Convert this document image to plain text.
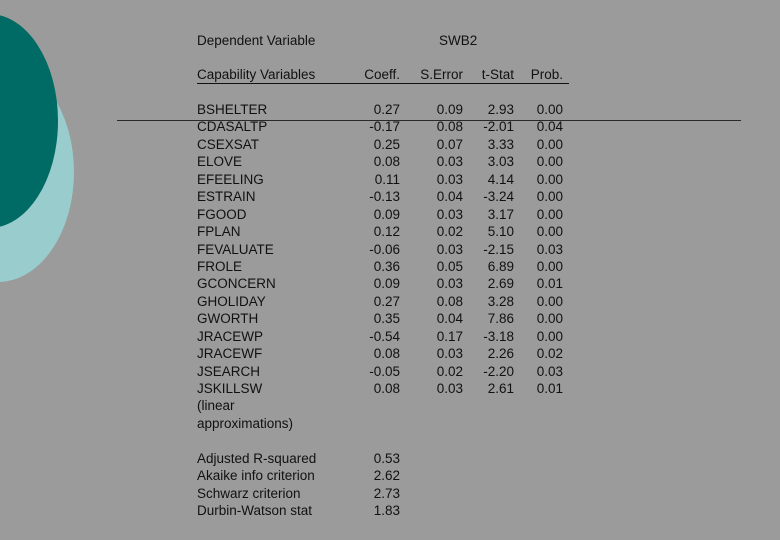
Dependent Variable	SWB2
Capability Variables	Coeff.	S.Error	t-Stat	Prob.
BSHELTER	0.27	0.09	2.93	0.00
CDASALTP	-0.17	0.08	-2.01	0.04
CSEXSAT	0.25	0.07	3.33	0.00
ELOVE	0.08	0.03	3.03	0.00
EFEELING	0.11	0.03	4.14	0.00
ESTRAIN	-0.13	0.04	-3.24	0.00
FGOOD	0.09	0.03	3.17	0.00
FPLAN	0.12	0.02	5.10	0.00
FEVALUATE	-0.06	0.03	-2.15	0.03
FROLE	0.36	0.05	6.89	0.00
GCONCERN	0.09	0.03	2.69	0.01
GHOLIDAY	0.27	0.08	3.28	0.00
GWORTH	0.35	0.04	7.86	0.00
JRACEWP	-0.54	0.17	-3.18	0.00
JRACEWF	0.08	0.03	2.26	0.02
JSEARCH	-0.05	0.02	-2.20	0.03
JSKILLSW	0.08	0.03	2.61	0.01
(linear
approximations)
Adjusted R-squared	0.53
Akaike info criterion	2.62
Schwarz criterion	2.73
Durbin-Watson stat	1.83
